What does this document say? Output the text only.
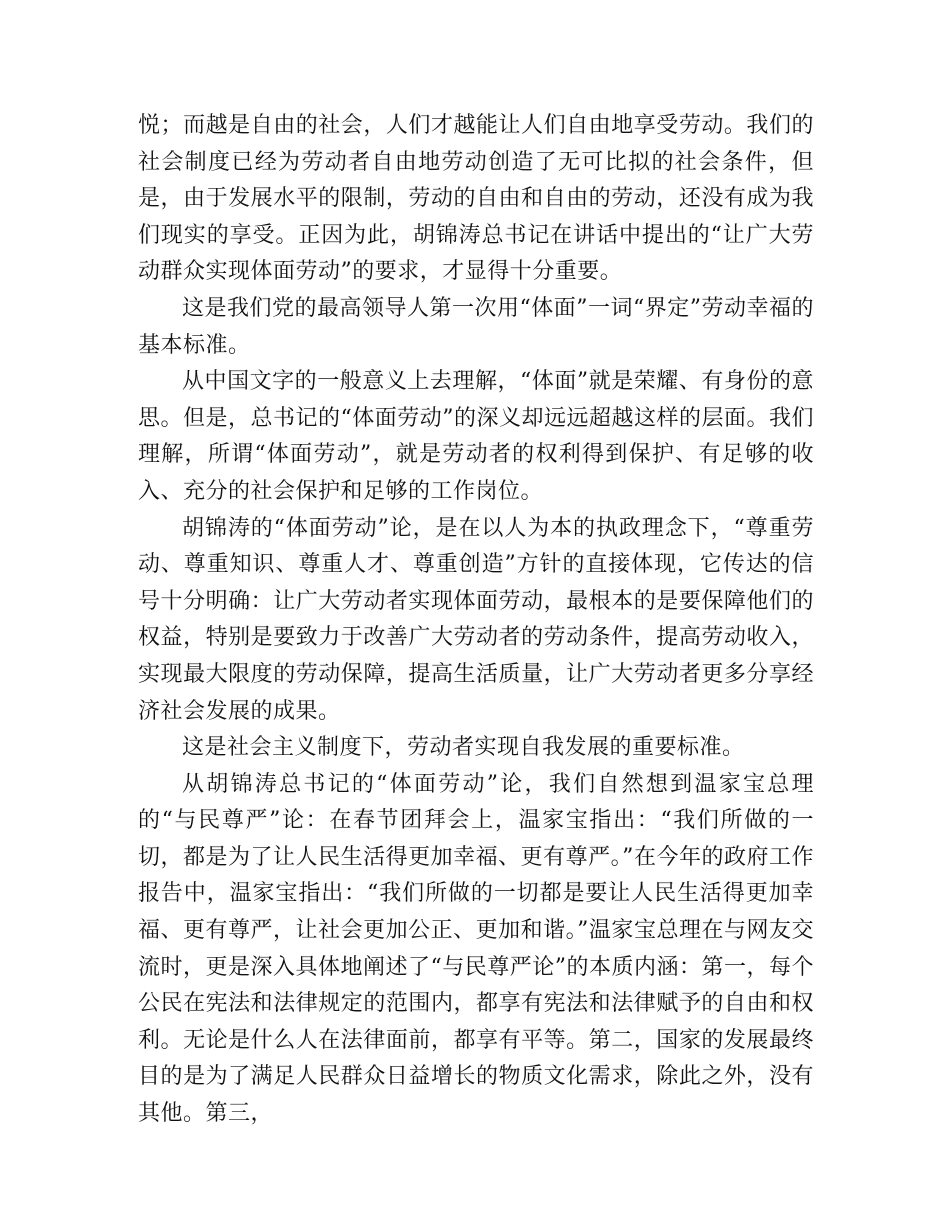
悦；而越是自由的社会，人们才越能让人们自由地享受劳动。我们的社会制度已经为劳动者自由地劳动创造了无可比拟的社会条件，但是，由于发展水平的限制，劳动的自由和自由的劳动，还没有成为我们现实的享受。正因为此，胡锦涛总书记在讲话中提出的“让广大劳动群众实现体面劳动”的要求，才显得十分重要。

这是我们党的最高领导人第一次用“体面”一词“界定”劳动幸福的基本标准。

从中国文字的一般意义上去理解，“体面”就是荣耀、有身份的意思。但是，总书记的“体面劳动”的深义却远远超越这样的层面。我们理解，所谓“体面劳动”，就是劳动者的权利得到保护、有足够的收入、充分的社会保护和足够的工作岗位。

胡锦涛的“体面劳动”论，是在以人为本的执政理念下，“尊重劳动、尊重知识、尊重人才、尊重创造”方针的直接体现，它传达的信号十分明确：让广大劳动者实现体面劳动，最根本的是要保障他们的权益，特别是要致力于改善广大劳动者的劳动条件，提高劳动收入，实现最大限度的劳动保障，提高生活质量，让广大劳动者更多分享经济社会发展的成果。

这是社会主义制度下，劳动者实现自我发展的重要标准。

从胡锦涛总书记的“体面劳动”论，我们自然想到温家宝总理的“与民尊严”论：在春节团拜会上，温家宝指出：“我们所做的一切，都是为了让人民生活得更加幸福、更有尊严。”在今年的政府工作报告中，温家宝指出：“我们所做的一切都是要让人民生活得更加幸福、更有尊严，让社会更加公正、更加和谐。”温家宝总理在与网友交流时，更是深入具体地阐述了“与民尊严论”的本质内涵：第一，每个公民在宪法和法律规定的范围内，都享有宪法和法律赋予的自由和权利。无论是什么人在法律面前，都享有平等。第二，国家的发展最终目的是为了满足人民群众日益增长的物质文化需求，除此之外，没有其他。第三，
